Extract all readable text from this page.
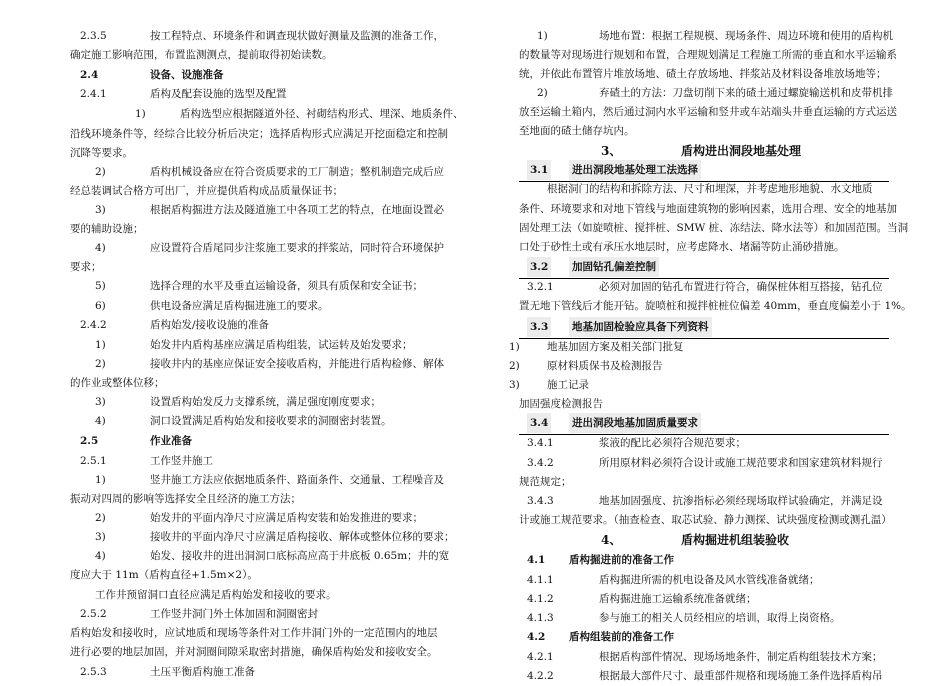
2.3.5	按工程特点、环境条件和调查现状做好测量及监测的准备工作，
确定施工影响范围，布置监测测点，提前取得初始读数。
2.4	设备、设施准备
2.4.1	盾构及配套设施的选型及配置
1)	盾构选型应根据隧道外径、衬砌结构形式、埋深、地质条件、
沿线环境条件等，经综合比较分析后决定；选择盾构形式应满足开挖面稳定和控制
沉降等要求。
2)	盾构机械设备应在符合资质要求的工厂制造；整机制造完成后应
经总装调试合格方可出厂，并应提供盾构成品质量保证书；
3)	根据盾构掘进方法及隧道施工中各项工艺的特点，在地面设置必
要的辅助设施；
4)	应设置符合盾尾同步注浆施工要求的拌浆站，同时符合环境保护
要求；
5)	选择合理的水平及垂直运输设备，须具有质保和安全证书；
6)	供电设备应满足盾构掘进施工的要求。
2.4.2	盾构始发/接收设施的准备
1)	始发井内盾构基座应满足盾构组装，试运转及始发要求；
2)	接收井内的基座应保证安全接收盾构，并能进行盾构检修、解体
的作业或整体位移；
3)	设置盾构始发反力支撑系统，满足强度刚度要求；
4)	洞口设置满足盾构始发和接收要求的洞圈密封装置。
2.5	作业准备
2.5.1	工作竖井施工
1)	竖井施工方法应依据地质条件、路面条件、交通量、工程噪音及
振动对四周的影响等选择安全且经济的施工方法；
2)	始发井的平面内净尺寸应满足盾构安装和始发推进的要求；
3)	接收井的平面内净尺寸应满足盾构接收、解体或整体位移的要求；
4)	始发、接收井的进出洞洞口底标高应高于井底板 0.65m；井的宽
度应大于 11m（盾构直径+1.5m×2）。
工作井预留洞口直径应满足盾构始发和接收的要求。
2.5.2	工作竖井洞门外土体加固和洞圈密封
盾构始发和接收时，应试地质和现场等条件对工作井洞门外的一定范围内的地层
进行必要的地层加固，并对洞圈间隙采取密封措施，确保盾构始发和接收安全。
2.5.3	土压平衡盾构施工准备
1)	场地布置：根据工程规模、现场条件、周边环境和使用的盾构机
的数量等对现场进行规划和布置，合理规划满足工程施工所需的垂直和水平运输系
统，并依此布置管片堆放场地、碴土存放场地、拌浆站及材料设备堆放场地等；
2)	弃碴土的方法：刀盘切削下来的碴土通过螺旋输送机和皮带机排
放至运输土箱内，然后通过洞内水平运输和竖井或车站端头井垂直运输的方式运送
至地面的碴土储存坑内。
3、	盾构进出洞段地基处理
3.1 进出洞段地基处理工法选择
根据洞门的结构和拆除方法、尺寸和埋深，并考虑地形地貌、水文地质
条件、环境要求和对地下管线与地面建筑物的影响因素，选用合理、安全的地基加
固处理工法（如旋喷桩、搅拌桩、SMW 桩、冻结法、降水法等）和加固范围。当洞
口处于砂性土或有承压水地层时，应考虑降水、堵漏等防止涌砂措施。
3.2 加固钻孔偏差控制
3.2.1	必须对加固的钻孔布置进行符合，确保桩体相互搭接，钻孔位
置无地下管线后才能开钻。旋喷桩和搅拌桩桩位偏差 40mm，垂直度偏差小于 1%。
3.3 地基加固检验应具备下列资料
1)	地基加固方案及相关部门批复
2)	原材料质保书及检测报告
3)	施工记录
加固强度检测报告
3.4 进出洞段地基加固质量要求
3.4.1	浆液的配比必须符合规范要求；
3.4.2	所用原材料必须符合设计或施工规范要求和国家建筑材料规行
规范规定；
3.4.3	地基加固强度、抗渗指标必须经现场取样试验确定，并满足设
计或施工规范要求。（抽查检查、取芯试验、静力测探、试块强度检测或测孔温）
4、	盾构掘进机组装验收
4.1 盾构掘进前的准备工作
4.1.1	盾构掘进所需的机电设备及风水管线准备就绪；
4.1.2	盾构掘进施工运输系统准备就绪；
4.1.3	参与施工的相关人员经相应的培训，取得上岗资格。
4.2 盾构组装前的准备工作
4.2.1	根据盾构部件情况、现场场地条件，制定盾构组装技术方案；
4.2.2	根据最大部件尺寸、最重部件规格和现场施工条件选择盾构吊
